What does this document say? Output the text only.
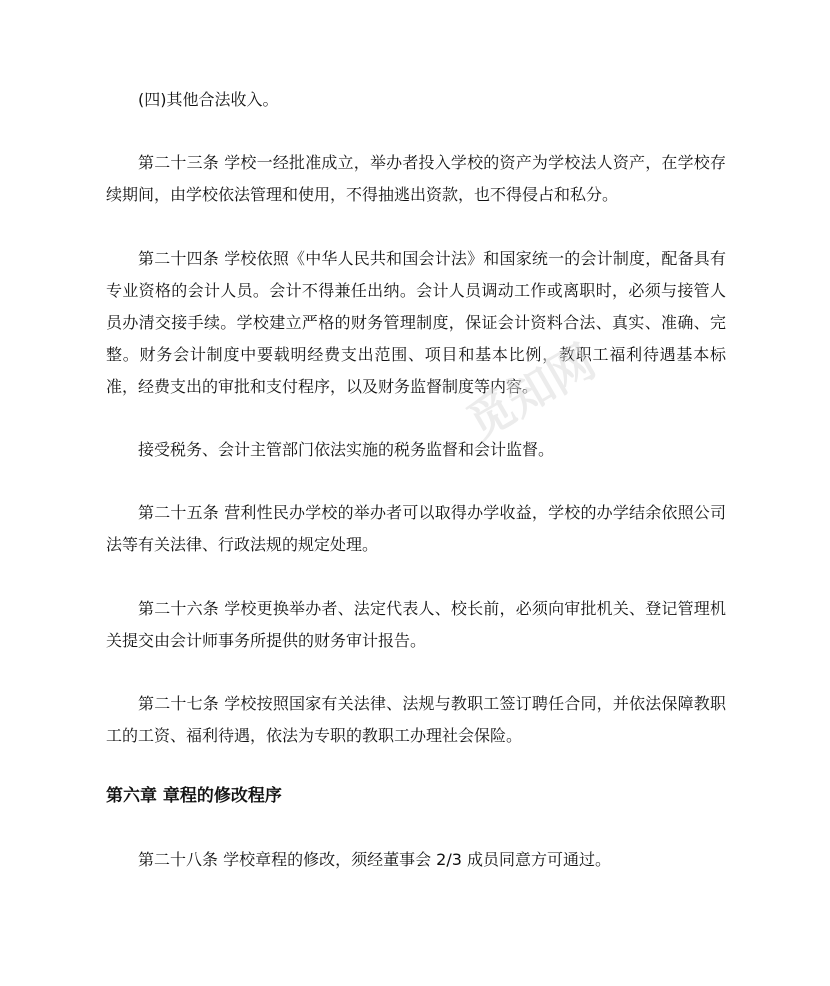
(四)其他合法收入。

第二十三条 学校一经批准成立，举办者投入学校的资产为学校法人资产，在学校存续期间，由学校依法管理和使用，不得抽逃出资款，也不得侵占和私分。

第二十四条 学校依照《中华人民共和国会计法》和国家统一的会计制度，配备具有专业资格的会计人员。会计不得兼任出纳。会计人员调动工作或离职时，必须与接管人员办清交接手续。学校建立严格的财务管理制度，保证会计资料合法、真实、准确、完整。财务会计制度中要载明经费支出范围、项目和基本比例，教职工福利待遇基本标准，经费支出的审批和支付程序，以及财务监督制度等内容。

接受税务、会计主管部门依法实施的税务监督和会计监督。

第二十五条 营利性民办学校的举办者可以取得办学收益，学校的办学结余依照公司法等有关法律、行政法规的规定处理。

第二十六条 学校更换举办者、法定代表人、校长前，必须向审批机关、登记管理机关提交由会计师事务所提供的财务审计报告。

第二十七条 学校按照国家有关法律、法规与教职工签订聘任合同，并依法保障教职工的工资、福利待遇，依法为专职的教职工办理社会保险。

第六章 章程的修改程序

第二十八条 学校章程的修改，须经董事会 2/3 成员同意方可通过。

觅知网
